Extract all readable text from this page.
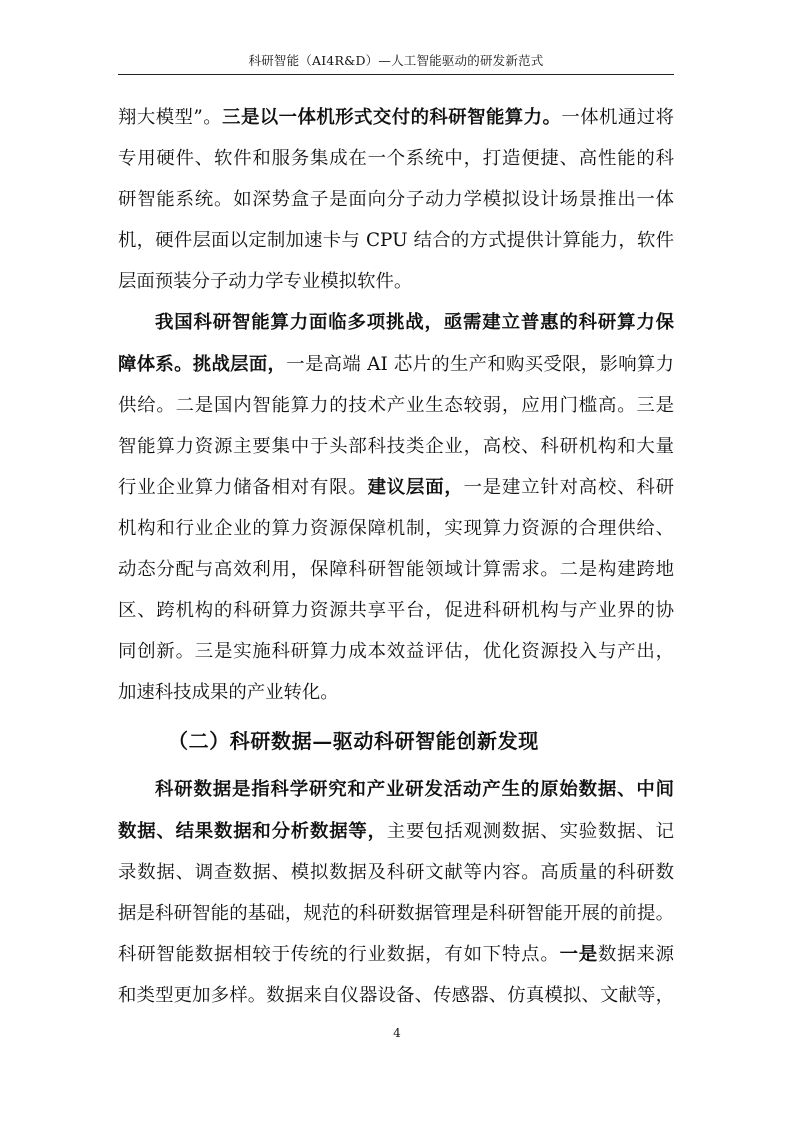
科研智能（AI4R&D）—人工智能驱动的研发新范式
翔大模型”。三是以一体机形式交付的科研智能算力。一体机通过将
专用硬件、软件和服务集成在一个系统中，打造便捷、高性能的科
研智能系统。如深势盒子是面向分子动力学模拟设计场景推出一体
机，硬件层面以定制加速卡与 CPU 结合的方式提供计算能力，软件
层面预装分子动力学专业模拟软件。
我国科研智能算力面临多项挑战，亟需建立普惠的科研算力保
障体系。挑战层面，一是高端 AI 芯片的生产和购买受限，影响算力
供给。二是国内智能算力的技术产业生态较弱，应用门槛高。三是
智能算力资源主要集中于头部科技类企业，高校、科研机构和大量
行业企业算力储备相对有限。建议层面，一是建立针对高校、科研
机构和行业企业的算力资源保障机制，实现算力资源的合理供给、
动态分配与高效利用，保障科研智能领域计算需求。二是构建跨地
区、跨机构的科研算力资源共享平台，促进科研机构与产业界的协
同创新。三是实施科研算力成本效益评估，优化资源投入与产出，
加速科技成果的产业转化。
（二）科研数据—驱动科研智能创新发现
科研数据是指科学研究和产业研发活动产生的原始数据、中间
数据、结果数据和分析数据等，主要包括观测数据、实验数据、记
录数据、调查数据、模拟数据及科研文献等内容。高质量的科研数
据是科研智能的基础，规范的科研数据管理是科研智能开展的前提。
科研智能数据相较于传统的行业数据，有如下特点。一是数据来源
和类型更加多样。数据来自仪器设备、传感器、仿真模拟、文献等，
4
